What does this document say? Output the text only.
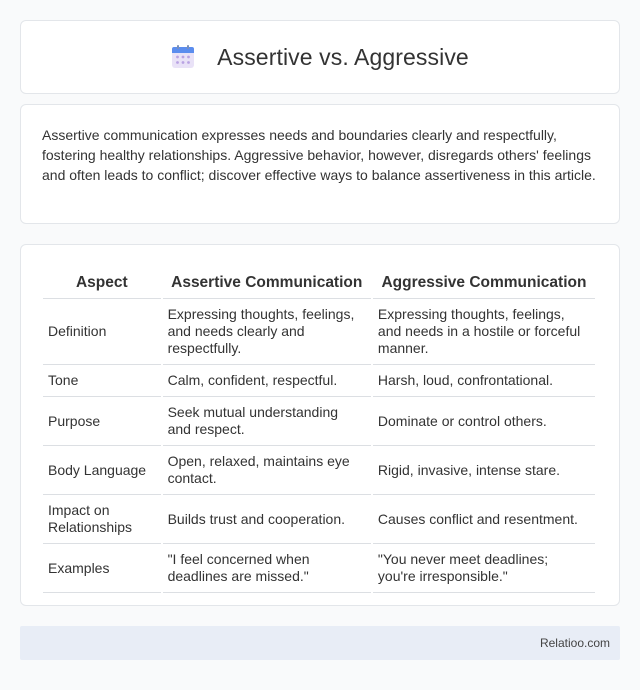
Assertive vs. Aggressive

Assertive communication expresses needs and boundaries clearly and respectfully, fostering healthy relationships. Aggressive behavior, however, disregards others' feelings and often leads to conflict; discover effective ways to balance assertiveness in this article.

Aspect	Assertive Communication	Aggressive Communication
Definition	Expressing thoughts, feelings, and needs clearly and respectfully.	Expressing thoughts, feelings, and needs in a hostile or forceful manner.
Tone	Calm, confident, respectful.	Harsh, loud, confrontational.
Purpose	Seek mutual understanding and respect.	Dominate or control others.
Body Language	Open, relaxed, maintains eye contact.	Rigid, invasive, intense stare.
Impact on Relationships	Builds trust and cooperation.	Causes conflict and resentment.
Examples	"I feel concerned when deadlines are missed."	"You never meet deadlines; you're irresponsible."
Relatioo.com
